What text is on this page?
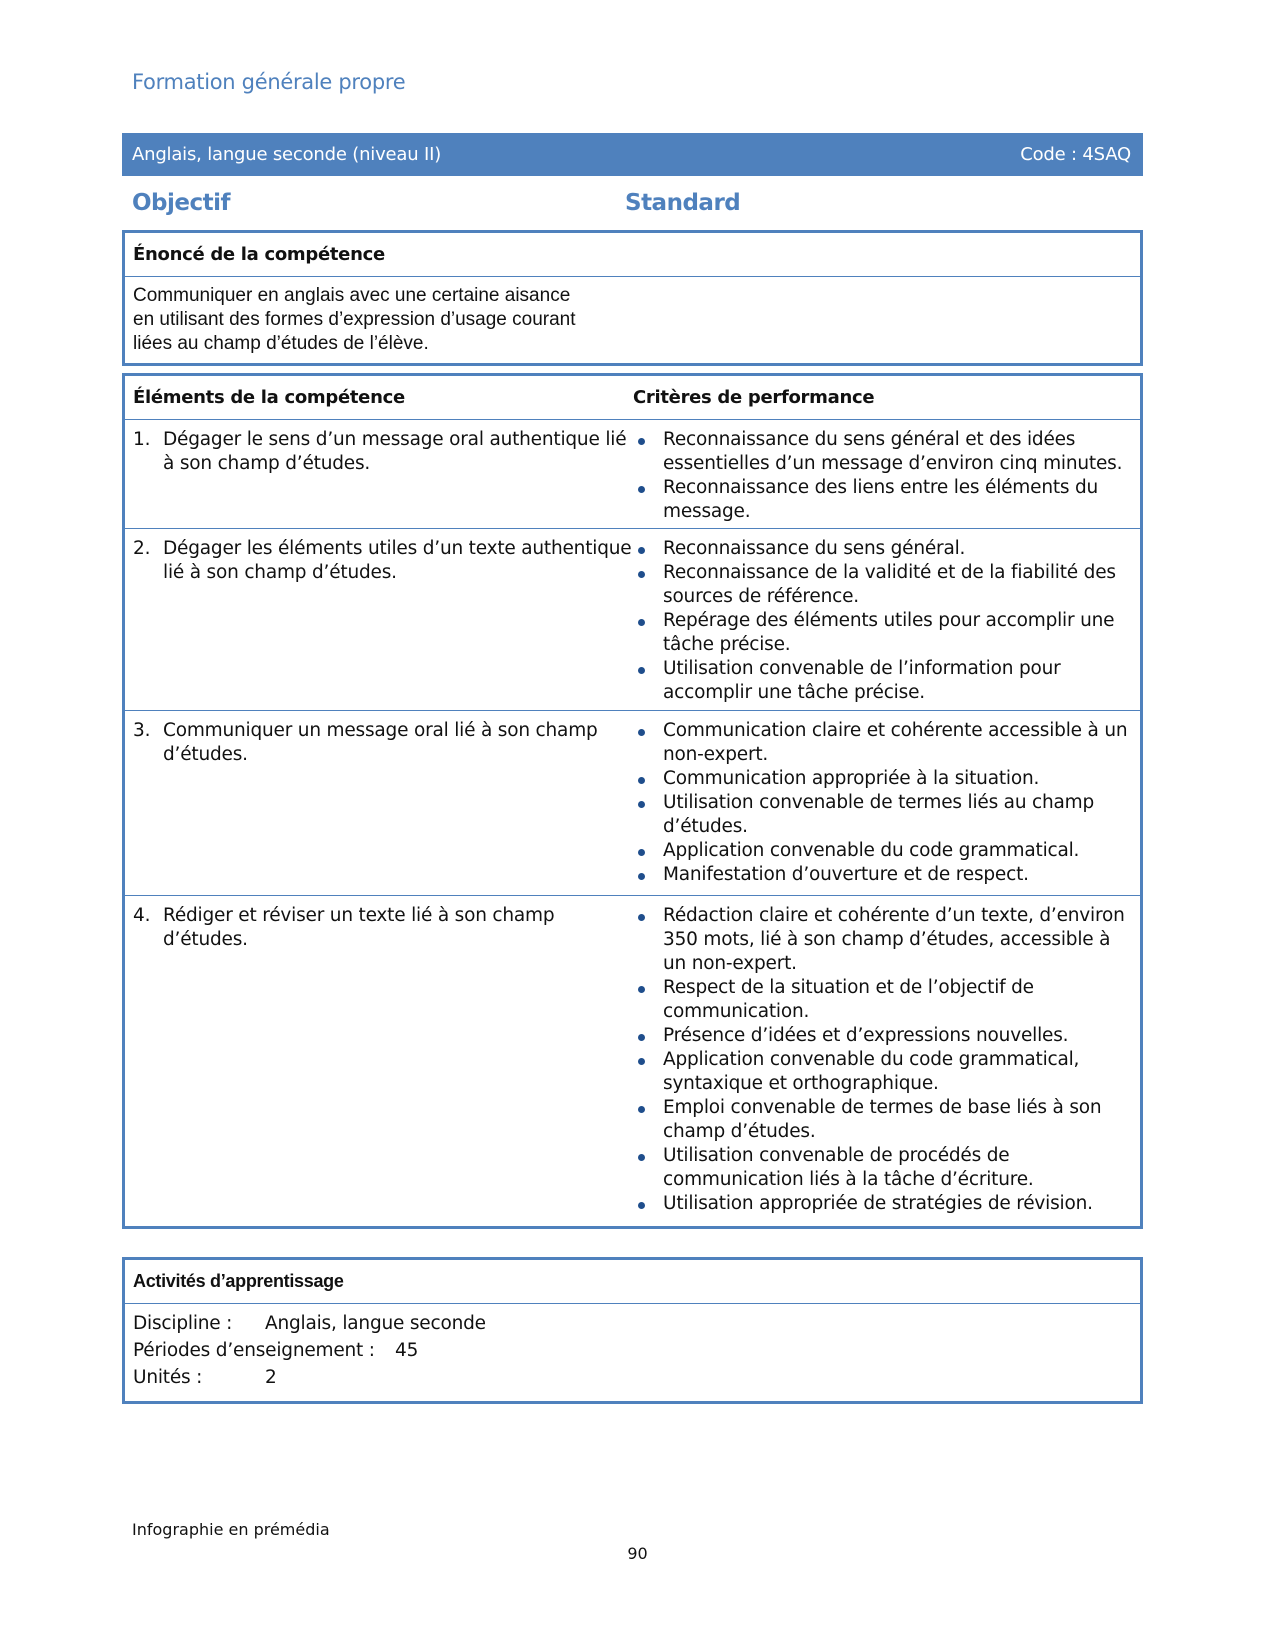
Formation générale propre
Anglais, langue seconde (niveau II)	Code : 4SAQ
Objectif	Standard
Énoncé de la compétence
Communiquer en anglais avec une certaine aisance
en utilisant des formes d’expression d’usage courant
liées au champ d’études de l’élève.
Éléments de la compétence	Critères de performance
1. Dégager le sens d’un message oral authentique lié à son champ d’études.
Reconnaissance du sens général et des idées essentielles d’un message d’environ cinq minutes.
Reconnaissance des liens entre les éléments du message.
2. Dégager les éléments utiles d’un texte authentique lié à son champ d’études.
Reconnaissance du sens général.
Reconnaissance de la validité et de la fiabilité des sources de référence.
Repérage des éléments utiles pour accomplir une tâche précise.
Utilisation convenable de l’information pour accomplir une tâche précise.
3. Communiquer un message oral lié à son champ d’études.
Communication claire et cohérente accessible à un non-expert.
Communication appropriée à la situation.
Utilisation convenable de termes liés au champ d’études.
Application convenable du code grammatical.
Manifestation d’ouverture et de respect.
4. Rédiger et réviser un texte lié à son champ d’études.
Rédaction claire et cohérente d’un texte, d’environ 350 mots, lié à son champ d’études, accessible à un non-expert.
Respect de la situation et de l’objectif de communication.
Présence d’idées et d’expressions nouvelles.
Application convenable du code grammatical, syntaxique et orthographique.
Emploi convenable de termes de base liés à son champ d’études.
Utilisation convenable de procédés de communication liés à la tâche d’écriture.
Utilisation appropriée de stratégies de révision.
Activités d’apprentissage
Discipline : Anglais, langue seconde
Périodes d’enseignement : 45
Unités :	2
Infographie en prémédia
90
